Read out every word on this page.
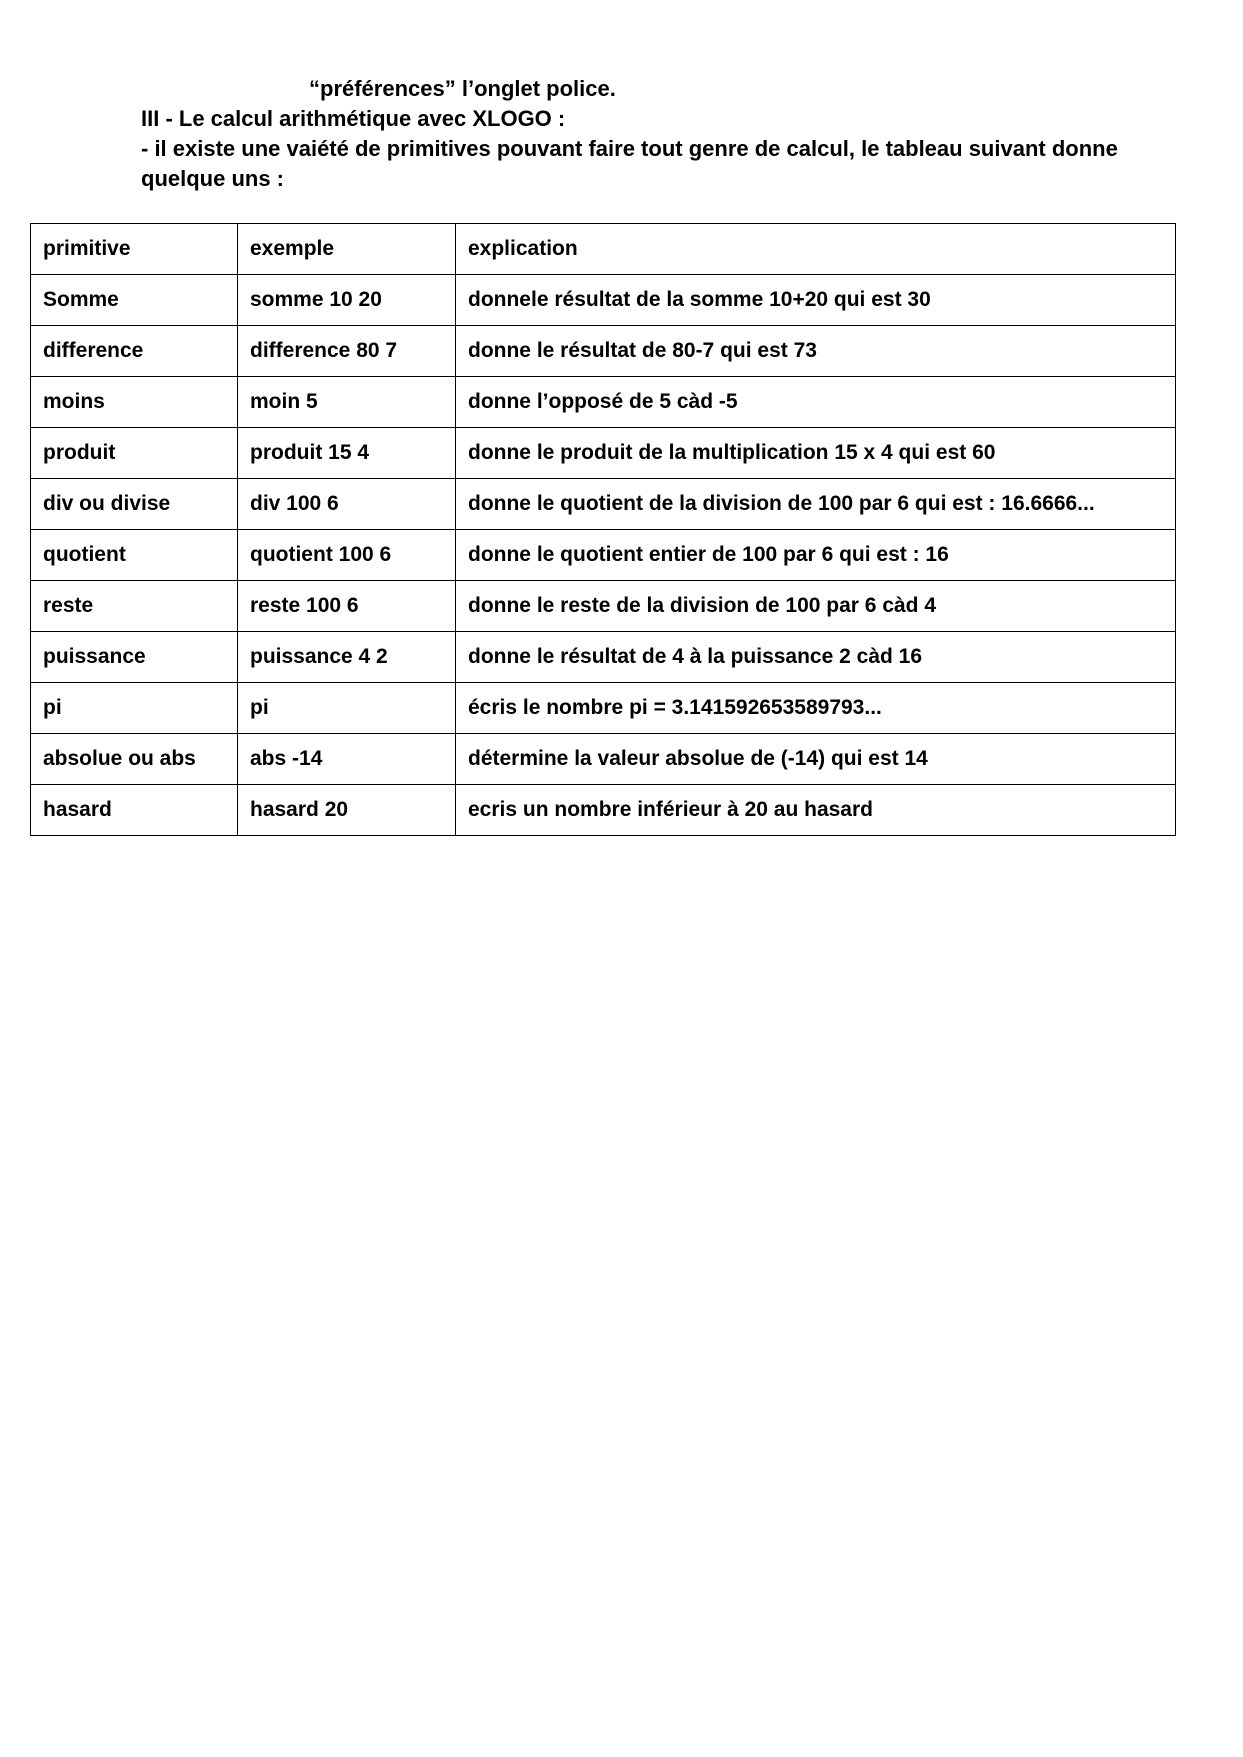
“préférences” l’onglet police.
III - Le calcul arithmétique avec XLOGO :
- il existe une vaiété de primitives pouvant faire tout genre de calcul, le tableau suivant donne
quelque uns :
primitive	exemple	explication
Somme	somme 10 20	donnele résultat de la somme 10+20 qui est 30
difference	difference 80 7	donne le résultat de 80-7 qui est 73
moins	moin 5	donne l’opposé de 5 càd -5
produit	produit 15 4	donne le produit de la multiplication 15 x 4 qui est 60
div ou divise	div 100 6	donne le quotient de la division de 100 par 6 qui est : 16.6666...
quotient	quotient 100 6	donne le quotient entier de 100 par 6 qui est : 16
reste	reste 100 6	donne le reste de la division de 100 par 6 càd 4
puissance	puissance 4 2	donne le résultat de 4 à la puissance 2 càd 16
pi	pi	écris le nombre pi = 3.141592653589793...
absolue ou abs	abs -14	détermine la valeur absolue de (-14) qui est 14
hasard	hasard 20	ecris un nombre inférieur à 20 au hasard
